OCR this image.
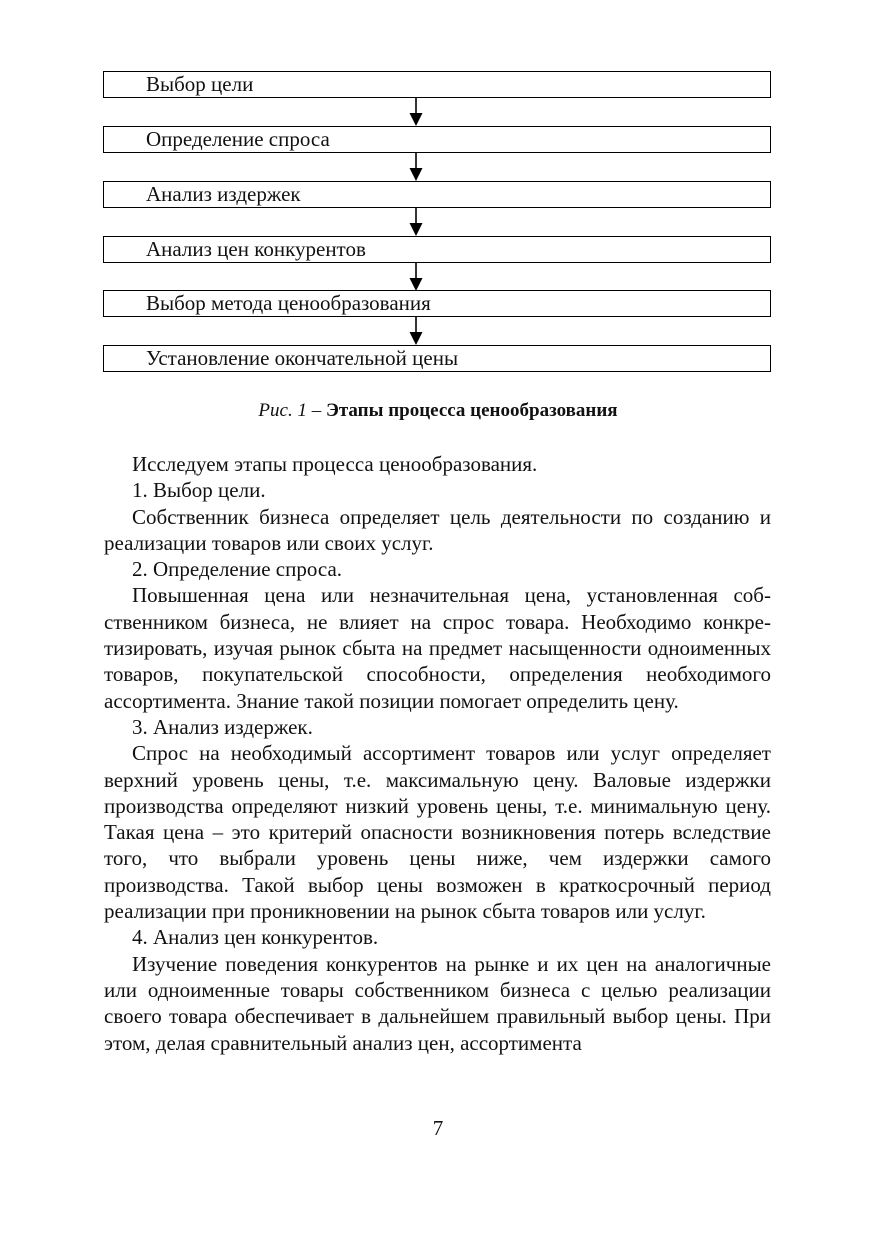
Выбор цели
Определение спроса
Анализ издержек
Анализ цен конкурентов
Выбор метода ценообразования
Установление окончательной цены
Рис. 1 – Этапы процесса ценообразования

Исследуем этапы процесса ценообразования.

1. Выбор цели.

Собственник бизнеса определяет цель деятельности по созданию и реализации товаров или своих услуг.

2. Определение спроса.

Повышенная цена или незначительная цена, установленная собственником бизнеса, не влияет на спрос товара. Необходимо конкретизировать, изучая рынок сбыта на предмет насыщенности одноименных товаров, покупательской способности, определения необходимого ассортимента. Знание такой позиции помогает определить цену.

3. Анализ издержек.

Спрос на необходимый ассортимент товаров или услуг определяет верхний уровень цены, т.е. максимальную цену. Валовые издержки производства определяют низкий уровень цены, т.е. минимальную цену. Такая цена – это критерий опасности возникновения потерь вследствие того, что выбрали уровень цены ниже, чем издержки самого производства. Такой выбор цены возможен в краткосрочный период реализации при проникновении на рынок сбыта товаров или услуг.

4. Анализ цен конкурентов.

Изучение поведения конкурентов на рынке и их цен на аналогичные или одноименные товары собственником бизнеса с целью реализации своего товара обеспечивает в дальнейшем правильный выбор цены. При этом, делая сравнительный анализ цен, ассортимента

7
